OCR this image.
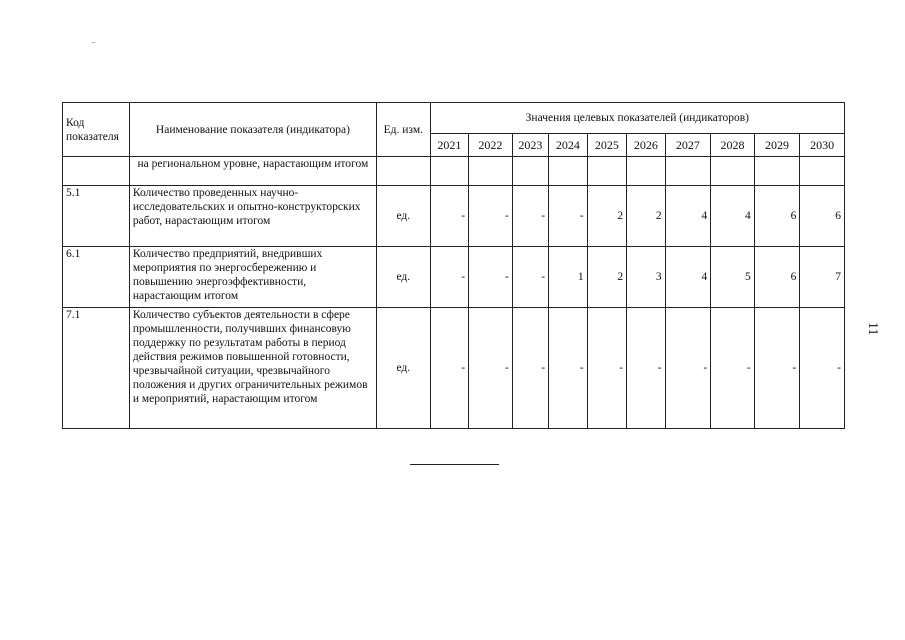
11
Код показателя	Наименование показателя (индикатора)	Ед. изм.	Значения целевых показателей (индикаторов)									
			2021	2022	2023	2024	2025	2026	2027	2028	2029	2030
	на региональном уровне, нарастающим итогом											
5.1	Количество проведенных научно-исследовательских и опытно-конструкторских работ, нарастающим итогом	ед.	-	-	-	-	2	2	4	4	6	6
6.1	Количество предприятий, внедривших мероприятия по энергосбережению и повышению энергоэффективности, нарастающим итогом	ед.	-	-	-	1	2	3	4	5	6	7
7.1	Количество субъектов деятельности в сфере промышленности, получивших финансовую поддержку по результатам работы в период действия режимов повышенной готовности, чрезвычайной ситуации, чрезвычайного положения и других ограничительных режимов и мероприятий, нарастающим итогом	ед.	-	-	-	-	-	-	-	-	-	-
